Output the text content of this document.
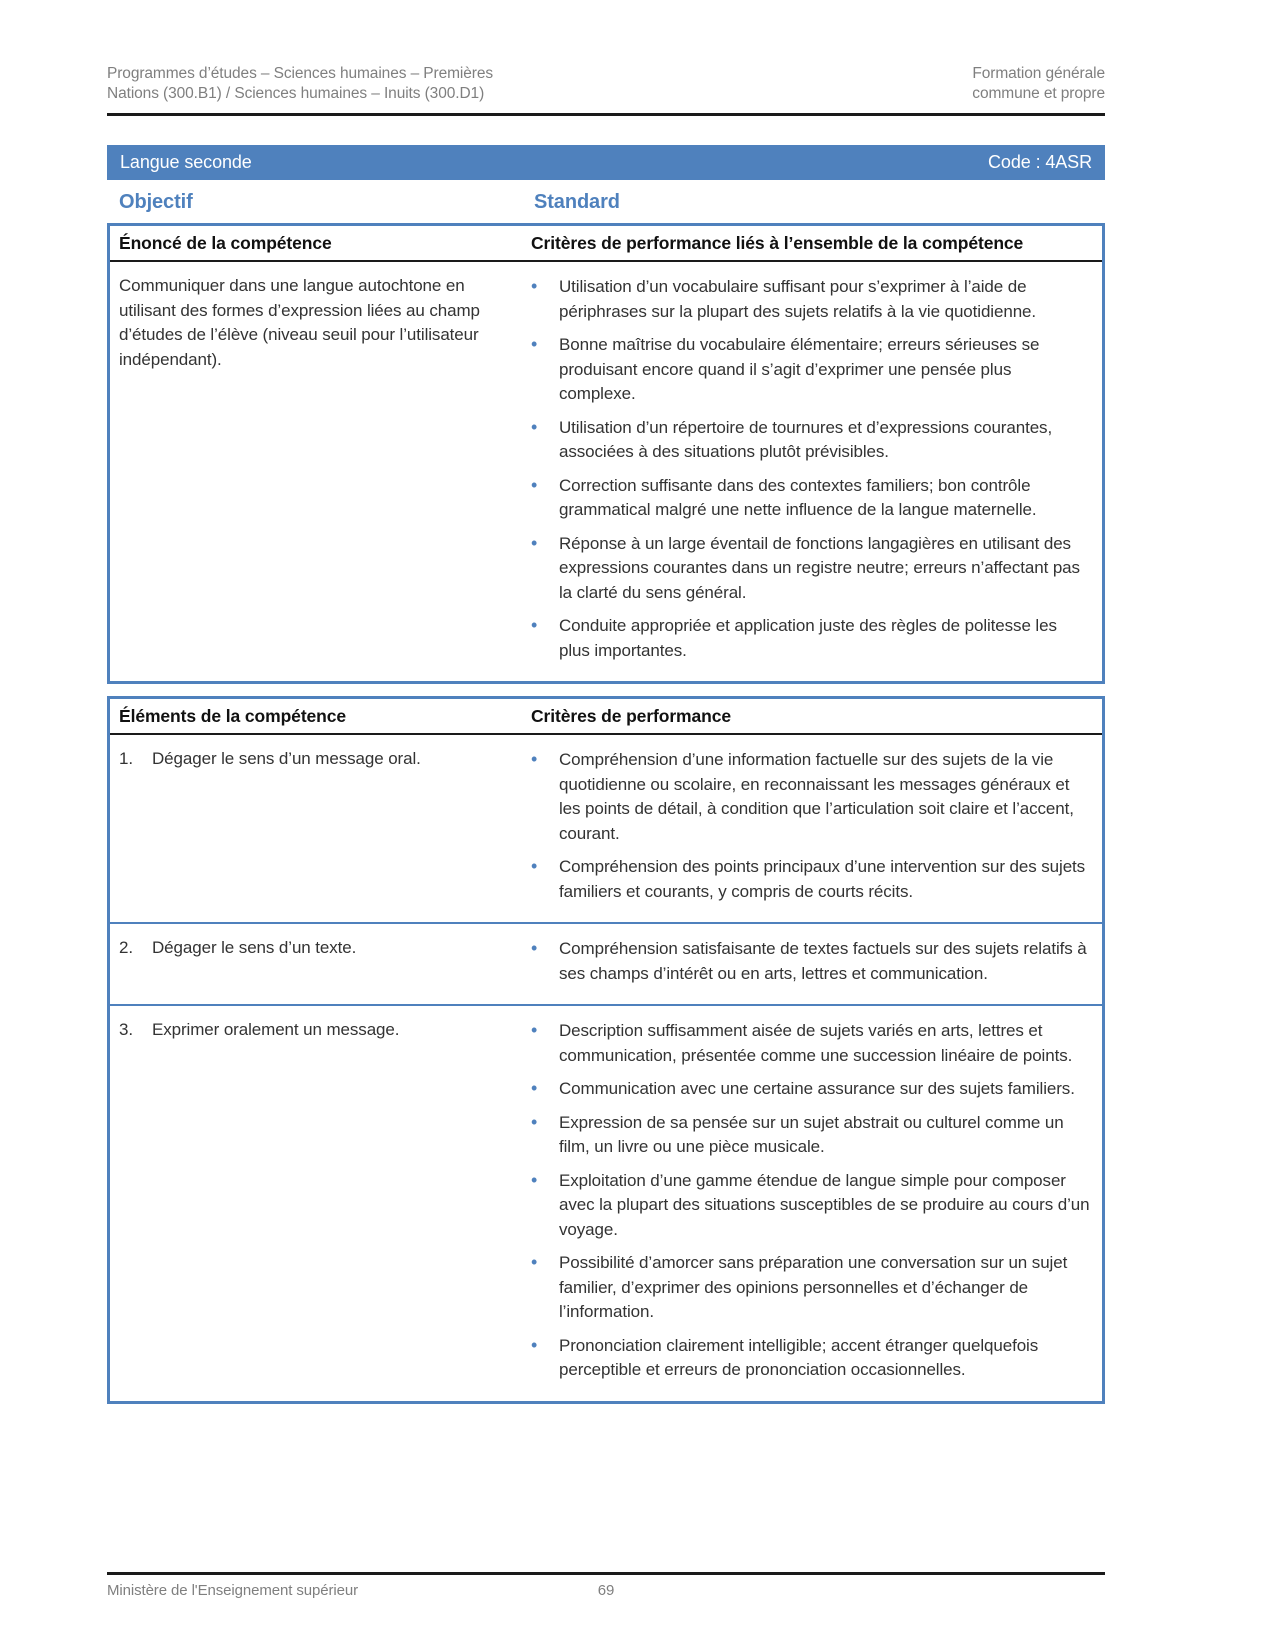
Programmes d’études – Sciences humaines – Premières
Nations (300.B1) / Sciences humaines – Inuits (300.D1)
Formation générale
commune et propre
Langue seconde	Code : 4ASR
Objectif	Standard
Énoncé de la compétence	Critères de performance liés à l’ensemble de la compétence
Communiquer dans une langue autochtone en utilisant des formes d’expression liées au champ d’études de l’élève (niveau seuil pour l’utilisateur indépendant).
• Utilisation d’un vocabulaire suffisant pour s’exprimer à l’aide de périphrases sur la plupart des sujets relatifs à la vie quotidienne.
• Bonne maîtrise du vocabulaire élémentaire; erreurs sérieuses se produisant encore quand il s’agit d’exprimer une pensée plus complexe.
• Utilisation d’un répertoire de tournures et d’expressions courantes, associées à des situations plutôt prévisibles.
• Correction suffisante dans des contextes familiers; bon contrôle grammatical malgré une nette influence de la langue maternelle.
• Réponse à un large éventail de fonctions langagières en utilisant des expressions courantes dans un registre neutre; erreurs n’affectant pas la clarté du sens général.
• Conduite appropriée et application juste des règles de politesse les plus importantes.
Éléments de la compétence	Critères de performance
1.	Dégager le sens d’un message oral.	• Compréhension d’une information factuelle sur des sujets de la vie quotidienne ou scolaire, en reconnaissant les messages généraux et les points de détail, à condition que l’articulation soit claire et l’accent, courant.
• Compréhension des points principaux d’une intervention sur des sujets familiers et courants, y compris de courts récits.
2.	Dégager le sens d’un texte.	• Compréhension satisfaisante de textes factuels sur des sujets relatifs à ses champs d’intérêt ou en arts, lettres et communication.
3.	Exprimer oralement un message.	• Description suffisamment aisée de sujets variés en arts, lettres et communication, présentée comme une succession linéaire de points.
• Communication avec une certaine assurance sur des sujets familiers.
• Expression de sa pensée sur un sujet abstrait ou culturel comme un film, un livre ou une pièce musicale.
• Exploitation d’une gamme étendue de langue simple pour composer avec la plupart des situations susceptibles de se produire au cours d’un voyage.
• Possibilité d’amorcer sans préparation une conversation sur un sujet familier, d’exprimer des opinions personnelles et d’échanger de l’information.
• Prononciation clairement intelligible; accent étranger quelquefois perceptible et erreurs de prononciation occasionnelles.
Ministère de l'Enseignement supérieur	69
